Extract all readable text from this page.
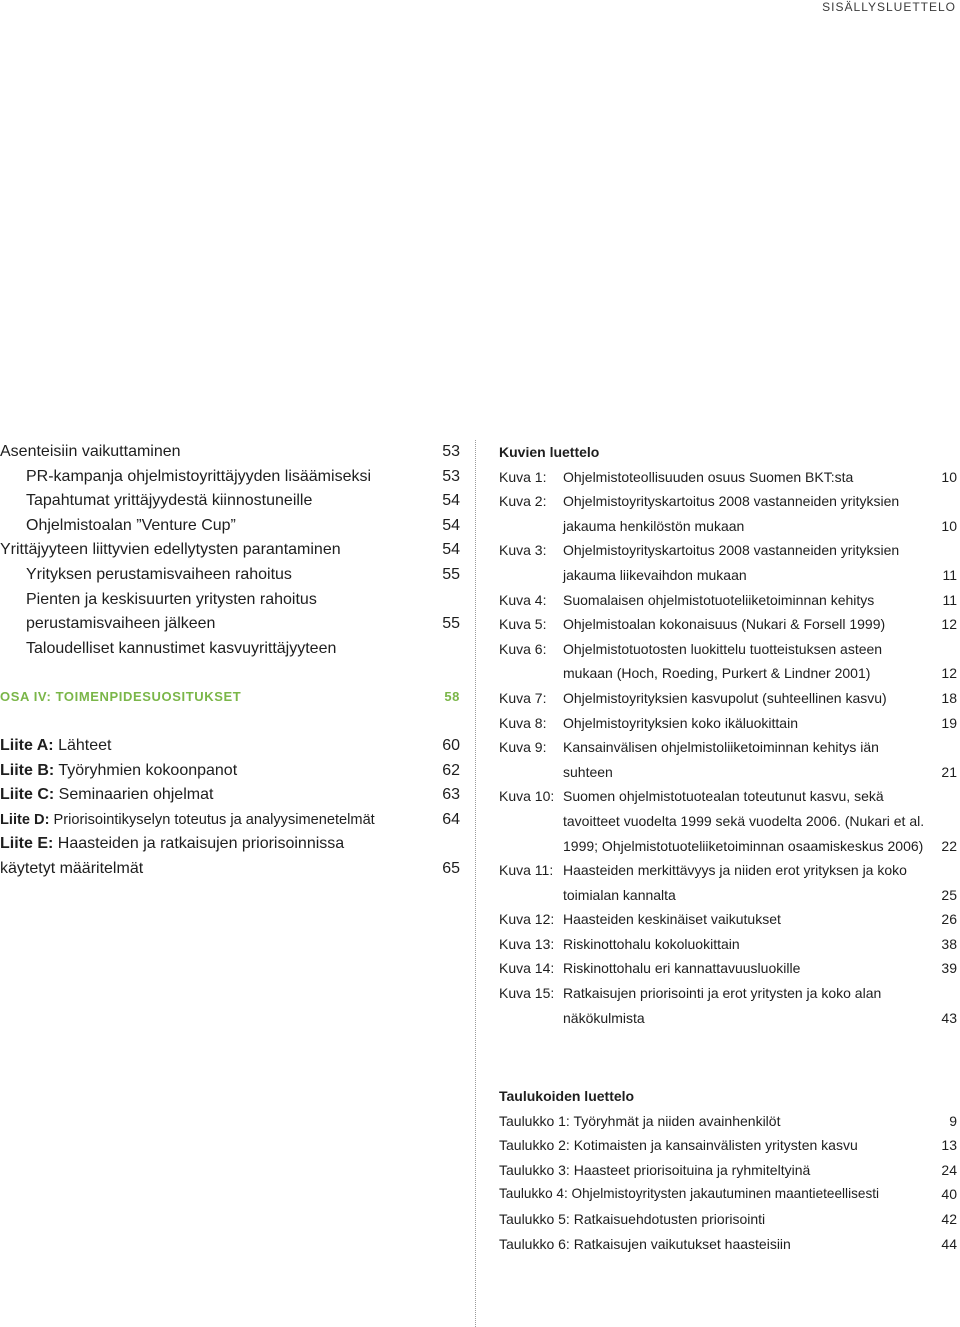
SISÄLLYSLUETTELO
Asenteisiin vaikuttaminen	53
PR-kampanja ohjelmistoyrittäjyyden lisäämiseksi	53
Tapahtumat yrittäjyydestä kiinnostuneille	54
Ohjelmistoalan ”Venture Cup”	54
Yrittäjyyteen liittyvien edellytysten parantaminen	54
Yrityksen perustamisvaiheen rahoitus	55
Pienten ja keskisuurten yritysten rahoitus
perustamisvaiheen jälkeen	55
Taloudelliset kannustimet kasvuyrittäjyyteen
OSA IV: TOIMENPIDESUOSITUKSET	58
Liite A: Lähteet	60
Liite B: Työryhmien kokoonpanot	62
Liite C: Seminaarien ohjelmat	63
Liite D: Priorisointikyselyn toteutus ja analyysimenetelmät	64
Liite E: Haasteiden ja ratkaisujen priorisoinnissa
käytetyt määritelmät	65
Kuvien luettelo
Kuva 1:	Ohjelmistoteollisuuden osuus Suomen BKT:sta	10
Kuva 2:	Ohjelmistoyrityskartoitus 2008 vastanneiden yrityksien jakauma henkilöstön mukaan	10
Kuva 3:	Ohjelmistoyrityskartoitus 2008 vastanneiden yrityksien jakauma liikevaihdon mukaan	11
Kuva 4:	Suomalaisen ohjelmistotuoteliiketoiminnan kehitys	11
Kuva 5:	Ohjelmistoalan kokonaisuus (Nukari & Forsell 1999)	12
Kuva 6:	Ohjelmistotuotosten luokittelu tuotteistuksen asteen mukaan (Hoch, Roeding, Purkert & Lindner 2001)	12
Kuva 7:	Ohjelmistoyrityksien kasvupolut (suhteellinen kasvu)	18
Kuva 8:	Ohjelmistoyrityksien koko ikäluokittain	19
Kuva 9:	Kansainvälisen ohjelmistoliiketoiminnan kehitys iän suhteen	21
Kuva 10: Suomen ohjelmistotuotealan toteutunut kasvu, sekä tavoitteet vuodelta 1999 sekä vuodelta 2006. (Nukari et al. 1999; Ohjelmistotuoteliiketoiminnan osaamiskeskus 2006)	22
Kuva 11: Haasteiden merkittävyys ja niiden erot yrityksen ja koko toimialan kannalta	25
Kuva 12: Haasteiden keskinäiset vaikutukset	26
Kuva 13: Riskinottohalu kokoluokittain	38
Kuva 14: Riskinottohalu eri kannattavuusluokille	39
Kuva 15: Ratkaisujen priorisointi ja erot yritysten ja koko alan näkökulmista	43
Taulukoiden luettelo
Taulukko 1: Työryhmät ja niiden avainhenkilöt	9
Taulukko 2: Kotimaisten ja kansainvälisten yritysten kasvu	13
Taulukko 3: Haasteet priorisoituina ja ryhmiteltyinä	24
Taulukko 4: Ohjelmistoyritysten jakautuminen maantieteellisesti	40
Taulukko 5: Ratkaisuehdotusten priorisointi	42
Taulukko 6: Ratkaisujen vaikutukset haasteisiin	44
